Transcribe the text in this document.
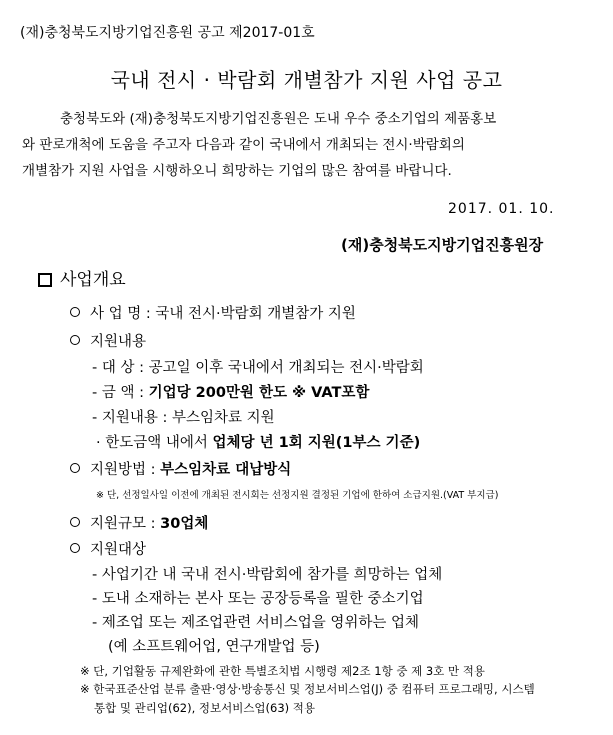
(재)충청북도지방기업진흥원 공고 제2017-01호
국내 전시 · 박람회 개별참가 지원 사업 공고
충청북도와 (재)충청북도지방기업진흥원은 도내 우수 중소기업의 제품홍보
와 판로개척에 도움을 주고자 다음과 같이 국내에서 개최되는 전시·박람회의
개별참가 지원 사업을 시행하오니 희망하는 기업의 많은 참여를 바랍니다.
2017. 01. 10.
(재)충청북도지방기업진흥원장
사업개요
사 업 명 : 국내 전시·박람회 개별참가 지원
지원내용
- 대 상 : 공고일 이후 국내에서 개최되는 전시·박람회
- 금 액 : 기업당 200만원 한도 ※ VAT포함
- 지원내용 : 부스임차료 지원
· 한도금액 내에서 업체당 년 1회 지원(1부스 기준)
지원방법 : 부스임차료 대납방식
※ 단, 선정일사일 이전에 개최된 전시회는 선정지원 결정된 기업에 한하여 소급지원.(VAT 부지급)
지원규모 : 30업체
지원대상
- 사업기간 내 국내 전시·박람회에 참가를 희망하는 업체
- 도내 소재하는 본사 또는 공장등록을 필한 중소기업
- 제조업 또는 제조업관련 서비스업을 영위하는 업체
(예 소프트웨어업, 연구개발업 등)
※ 단, 기업활동 규제완화에 관한 특별조치법 시행령 제2조 1항 중 제 3호 만 적용
※ 한국표준산업 분류 출판·영상·방송통신 및 정보서비스업(J) 중 컴퓨터 프로그래밍, 시스템
통합 및 관리업(62), 정보서비스업(63) 적용
